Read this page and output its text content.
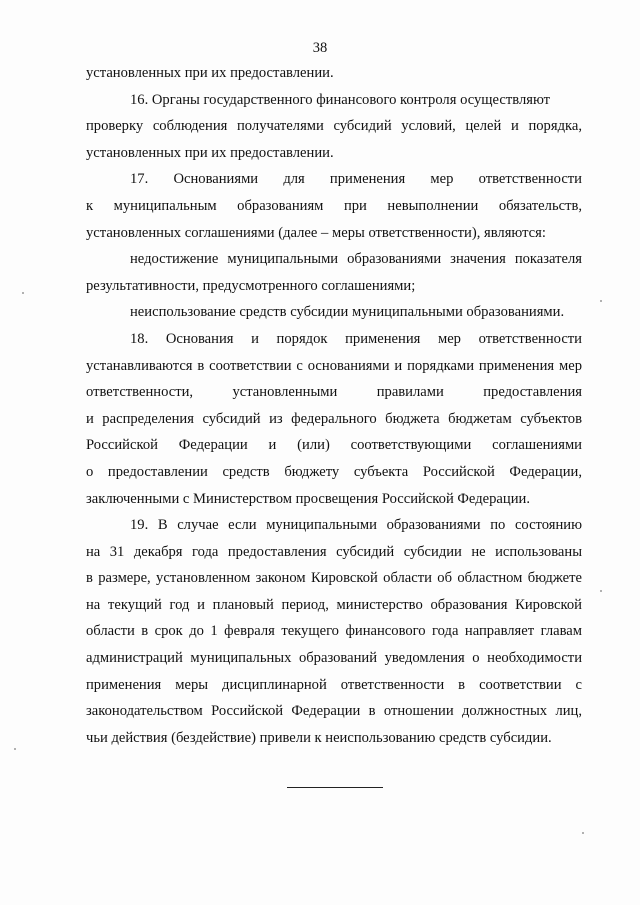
38
установленных при их предоставлении.
16. Органы государственного финансового контроля осуществляют
проверку соблюдения получателями субсидий условий, целей и порядка,
установленных при их предоставлении.
17. Основаниями для применения мер ответственности
к муниципальным образованиям при невыполнении обязательств,
установленных соглашениями (далее – меры ответственности), являются:
недостижение муниципальными образованиями значения показателя
результативности, предусмотренного соглашениями;
неиспользование средств субсидии муниципальными образованиями.
18. Основания и порядок применения мер ответственности
устанавливаются в соответствии с основаниями и порядками применения мер
ответственности, установленными правилами предоставления
и распределения субсидий из федерального бюджета бюджетам субъектов
Российской Федерации и (или) соответствующими соглашениями
о предоставлении средств бюджету субъекта Российской Федерации,
заключенными с Министерством просвещения Российской Федерации.
19. В случае если муниципальными образованиями по состоянию
на 31 декабря года предоставления субсидий субсидии не использованы
в размере, установленном законом Кировской области об областном бюджете
на текущий год и плановый период, министерство образования Кировской
области в срок до 1 февраля текущего финансового года направляет главам
администраций муниципальных образований уведомления о необходимости
применения меры дисциплинарной ответственности в соответствии с
законодательством Российской Федерации в отношении должностных лиц,
чьи действия (бездействие) привели к неиспользованию средств субсидии.
